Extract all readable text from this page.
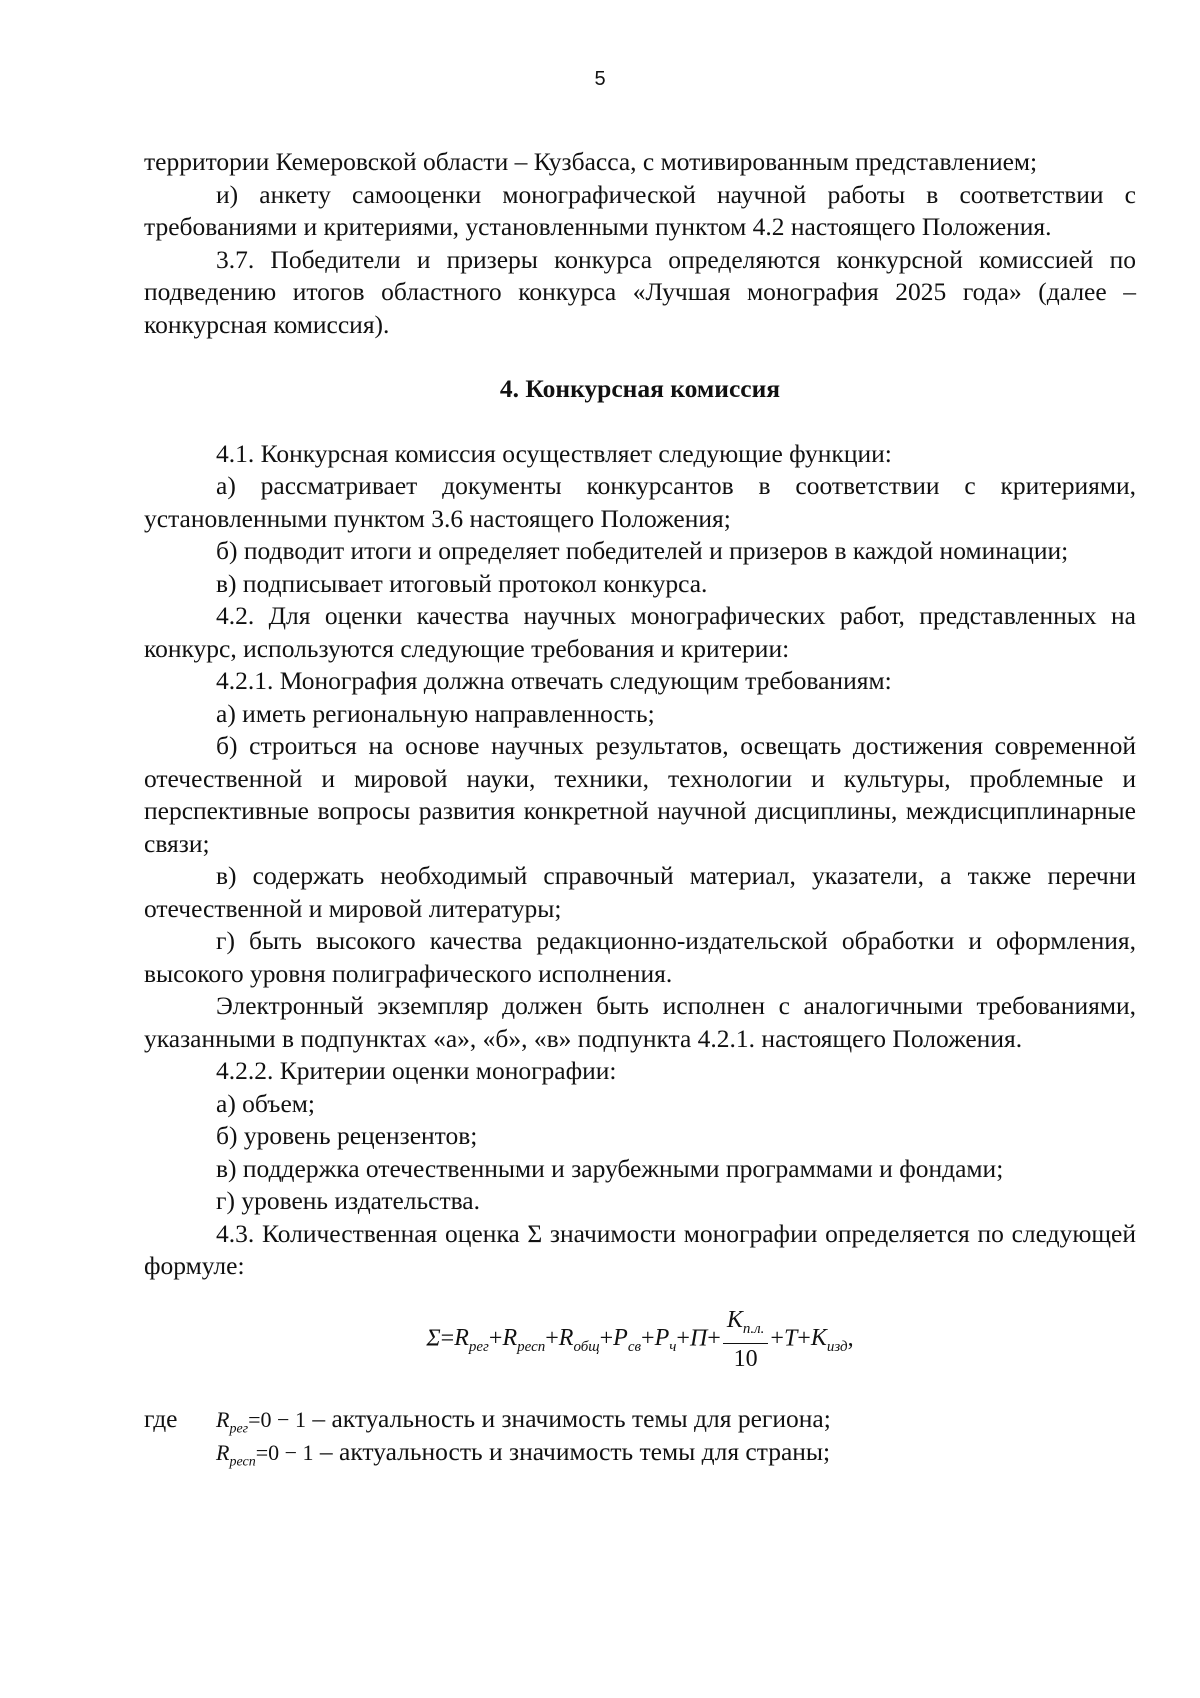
5

территории Кемеровской области – Кузбасса, с мотивированным представлением;

и) анкету самооценки монографической научной работы в соответствии с требованиями и критериями, установленными пунктом 4.2 настоящего Положения.

3.7. Победители и призеры конкурса определяются конкурсной комиссией по подведению итогов областного конкурса «Лучшая монография 2025 года» (далее – конкурсная комиссия).

4. Конкурсная комиссия

4.1. Конкурсная комиссия осуществляет следующие функции:

а) рассматривает документы конкурсантов в соответствии с критериями, установленными пунктом 3.6 настоящего Положения;

б) подводит итоги и определяет победителей и призеров в каждой номинации;

в) подписывает итоговый протокол конкурса.

4.2. Для оценки качества научных монографических работ, представленных на конкурс, используются следующие требования и критерии:

4.2.1. Монография должна отвечать следующим требованиям:

а) иметь региональную направленность;

б) строиться на основе научных результатов, освещать достижения современной отечественной и мировой науки, техники, технологии и культуры, проблемные и перспективные вопросы развития конкретной научной дисциплины, междисциплинарные связи;

в) содержать необходимый справочный материал, указатели, а также перечни отечественной и мировой литературы;

г) быть высокого качества редакционно-издательской обработки и оформления, высокого уровня полиграфического исполнения.

Электронный экземпляр должен быть исполнен с аналогичными требованиями, указанными в подпунктах «а», «б», «в» подпункта 4.2.1. настоящего Положения.

4.2.2. Критерии оценки монографии:

а) объем;

б) уровень рецензентов;

в) поддержка отечественными и зарубежными программами и фондами;

г) уровень издательства.

4.3. Количественная оценка Σ значимости монографии определяется по следующей формуле:

$\Sigma=R_{рег}+R_{респ}+R_{общ}+P_{св}+P_ч+П+ \frac{K_{п.л.}}{10} +T+K_{изд}$,
где $R_{рег}=0 - 1$ – актуальность и значимость темы для региона;
$R_{респ}=0 - 1$ – актуальность и значимость темы для страны;
